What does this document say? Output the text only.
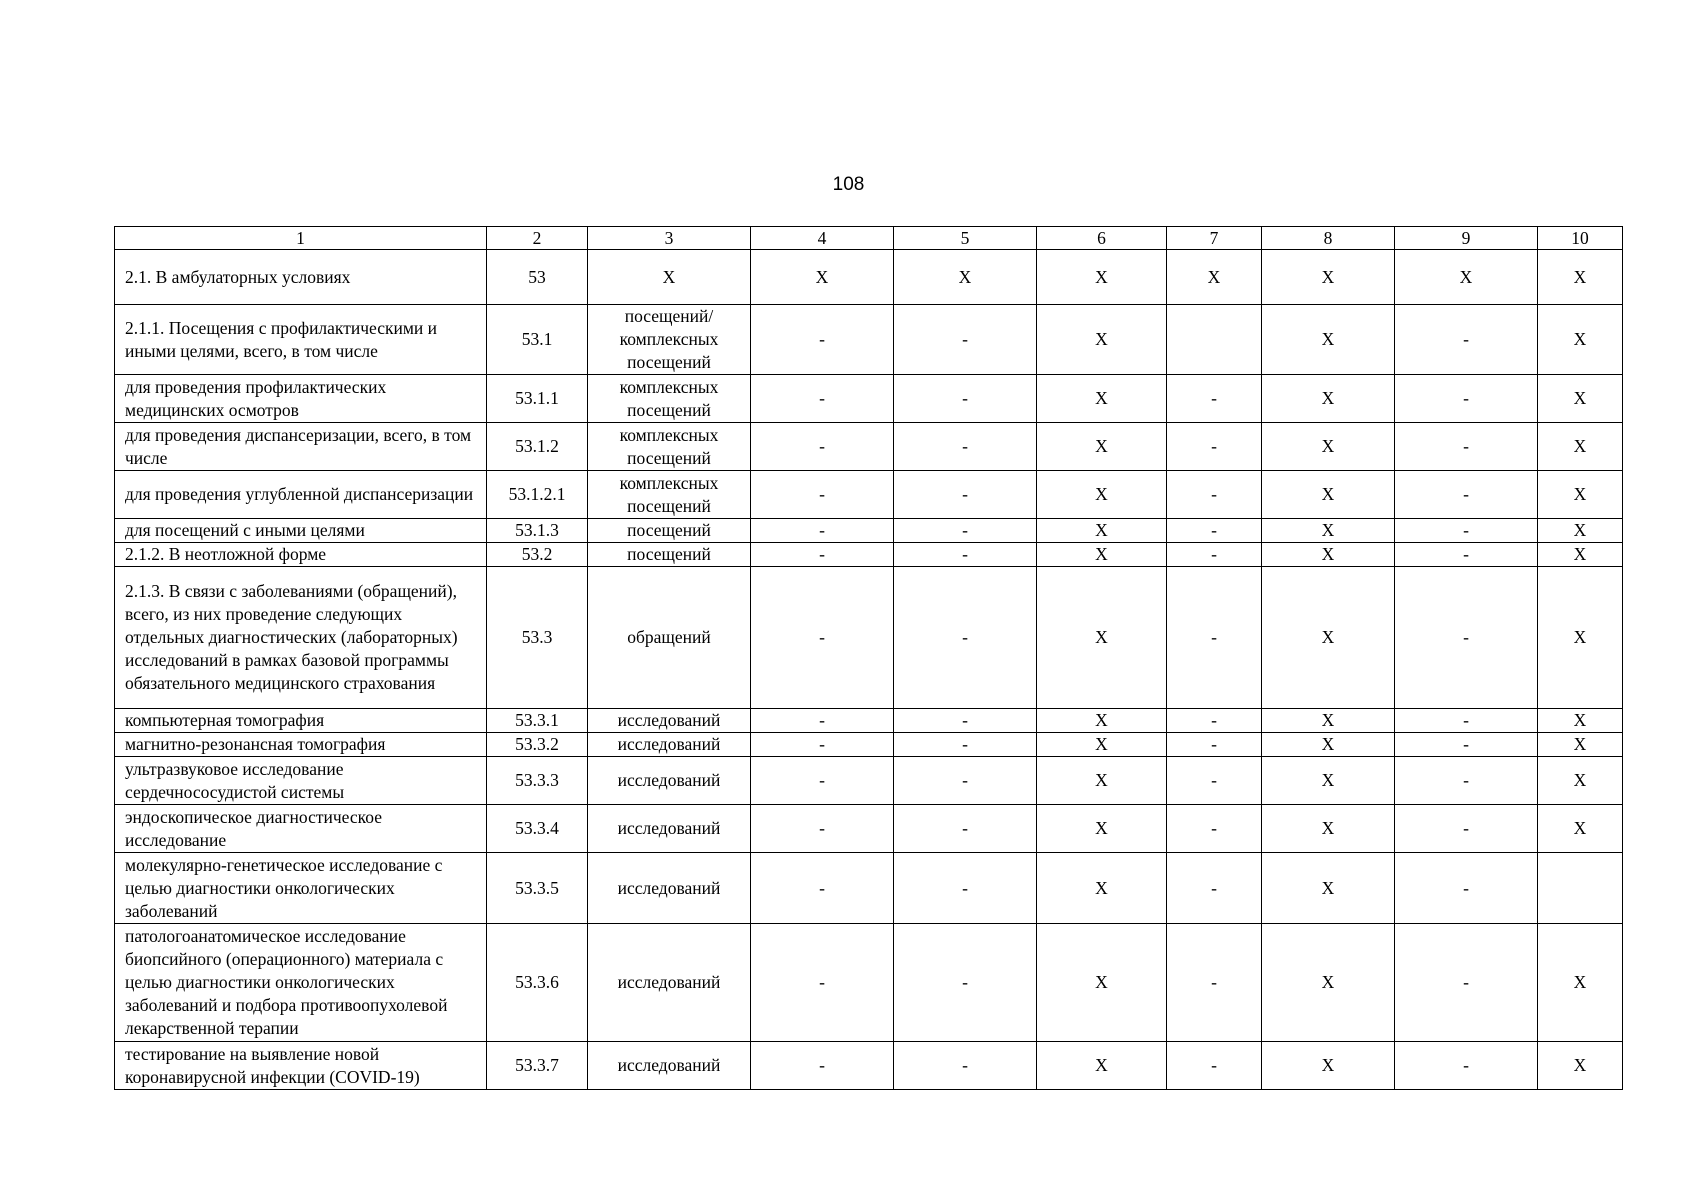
108
1	2	3	4	5	6	7	8	9	10
2.1. В амбулаторных условиях	53	X	X	X	X	X	X	X	X
2.1.1. Посещения с профилактическими и иными целями, всего, в том числе	53.1	посещений/ комплексных посещений	-	-	X		X	-	X
для проведения профилактических медицинских осмотров	53.1.1	комплексных посещений	-	-	X	-	X	-	X
для проведения диспансеризации, всего, в том числе	53.1.2	комплексных посещений	-	-	X	-	X	-	X
для проведения углубленной диспансеризации	53.1.2.1	комплексных посещений	-	-	X	-	X	-	X
для посещений с иными целями	53.1.3	посещений	-	-	X	-	X	-	X
2.1.2. В неотложной форме	53.2	посещений	-	-	X	-	X	-	X
2.1.3. В связи с заболеваниями (обращений), всего, из них проведение следующих отдельных диагностических (лабораторных) исследований в рамках базовой программы обязательного медицинского страхования	53.3	обращений	-	-	X	-	X	-	X
компьютерная томография	53.3.1	исследований	-	-	X	-	X	-	X
магнитно-резонансная томография	53.3.2	исследований	-	-	X	-	X	-	X
ультразвуковое исследование сердечнососудистой системы	53.3.3	исследований	-	-	X	-	X	-	X
эндоскопическое диагностическое исследование	53.3.4	исследований	-	-	X	-	X	-	X
молекулярно-генетическое исследование с целью диагностики онкологических заболеваний	53.3.5	исследований	-	-	X	-	X	-	
патологоанатомическое исследование биопсийного (операционного) материала с целью диагностики онкологических заболеваний и подбора противоопухолевой лекарственной терапии	53.3.6	исследований	-	-	X	-	X	-	X
тестирование на выявление новой коронавирусной инфекции (COVID-19)	53.3.7	исследований	-	-	X	-	X	-	X
